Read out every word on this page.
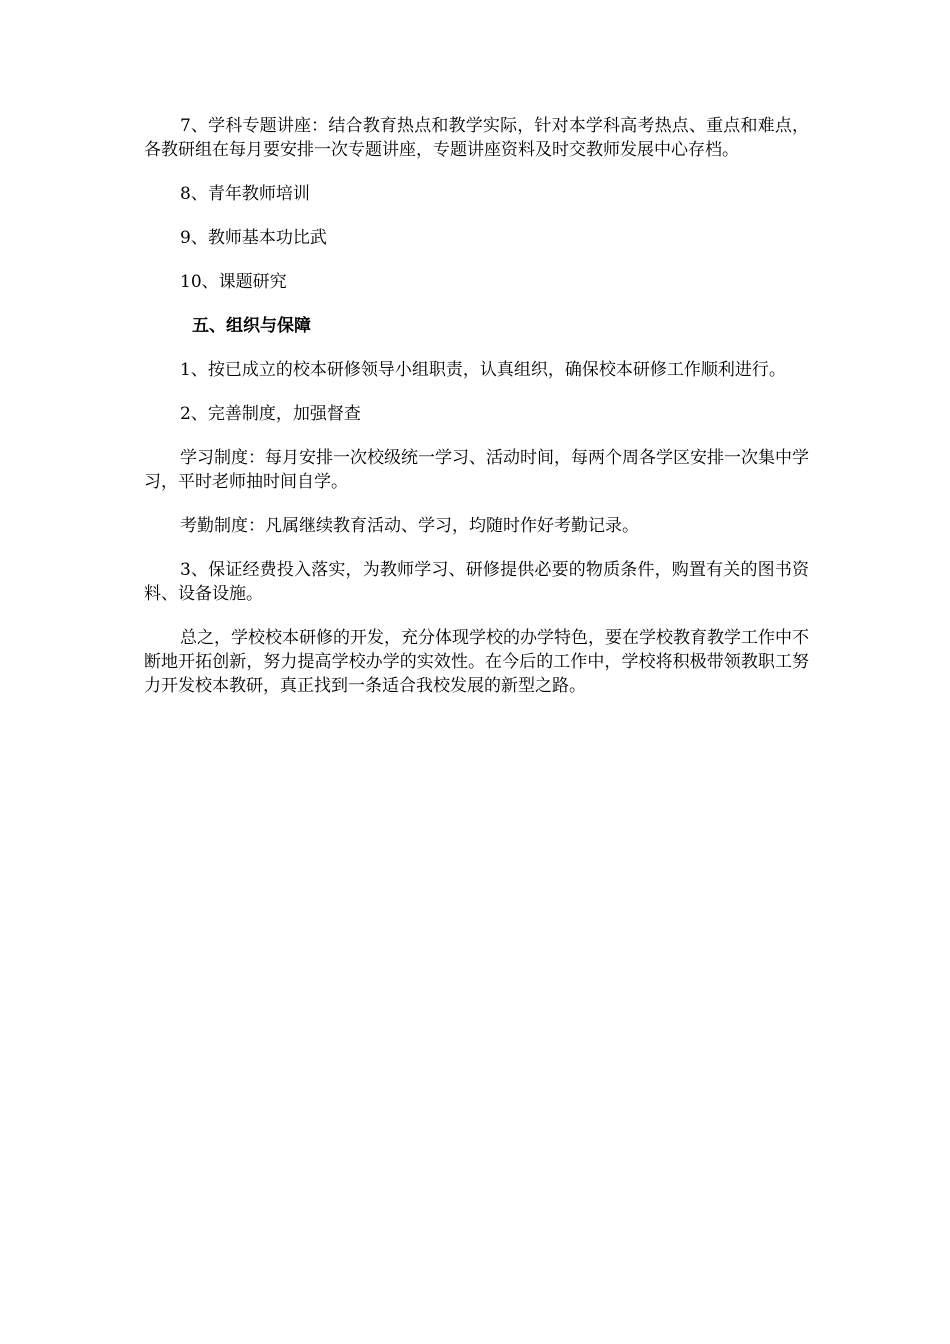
7、学科专题讲座：结合教育热点和教学实际，针对本学科高考热点、重点和难点，各教研组在每月要安排一次专题讲座，专题讲座资料及时交教师发展中心存档。

8、青年教师培训

9、教师基本功比武

10、课题研究

五、组织与保障

1、按已成立的校本研修领导小组职责，认真组织，确保校本研修工作顺利进行。

2、完善制度，加强督查

学习制度：每月安排一次校级统一学习、活动时间，每两个周各学区安排一次集中学习，平时老师抽时间自学。

考勤制度：凡属继续教育活动、学习，均随时作好考勤记录。

3、保证经费投入落实，为教师学习、研修提供必要的物质条件，购置有关的图书资料、设备设施。

总之，学校校本研修的开发，充分体现学校的办学特色，要在学校教育教学工作中不断地开拓创新，努力提高学校办学的实效性。在今后的工作中，学校将积极带领教职工努力开发校本教研，真正找到一条适合我校发展的新型之路。
